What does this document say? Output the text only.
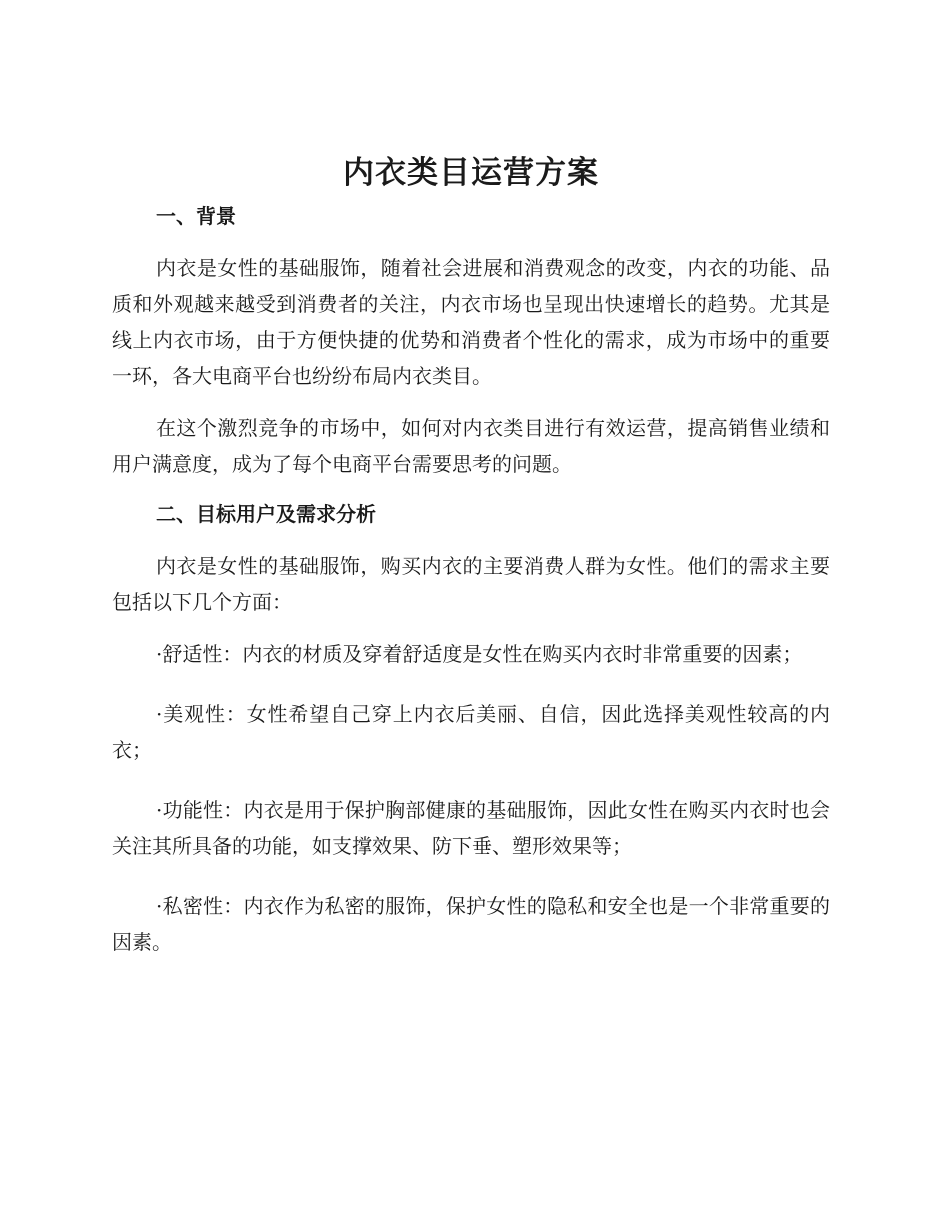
内衣类目运营方案
一、背景

内衣是女性的基础服饰，随着社会进展和消费观念的改变，内衣的功能、品质和外观越来越受到消费者的关注，内衣市场也呈现出快速增长的趋势。尤其是线上内衣市场，由于方便快捷的优势和消费者个性化的需求，成为市场中的重要一环，各大电商平台也纷纷布局内衣类目。

在这个激烈竞争的市场中，如何对内衣类目进行有效运营，提高销售业绩和用户满意度，成为了每个电商平台需要思考的问题。

二、目标用户及需求分析

内衣是女性的基础服饰，购买内衣的主要消费人群为女性。他们的需求主要包括以下几个方面：

·舒适性：内衣的材质及穿着舒适度是女性在购买内衣时非常重要的因素；

·美观性：女性希望自己穿上内衣后美丽、自信，因此选择美观性较高的内衣；

·功能性：内衣是用于保护胸部健康的基础服饰，因此女性在购买内衣时也会关注其所具备的功能，如支撑效果、防下垂、塑形效果等；

·私密性：内衣作为私密的服饰，保护女性的隐私和安全也是一个非常重要的因素。
